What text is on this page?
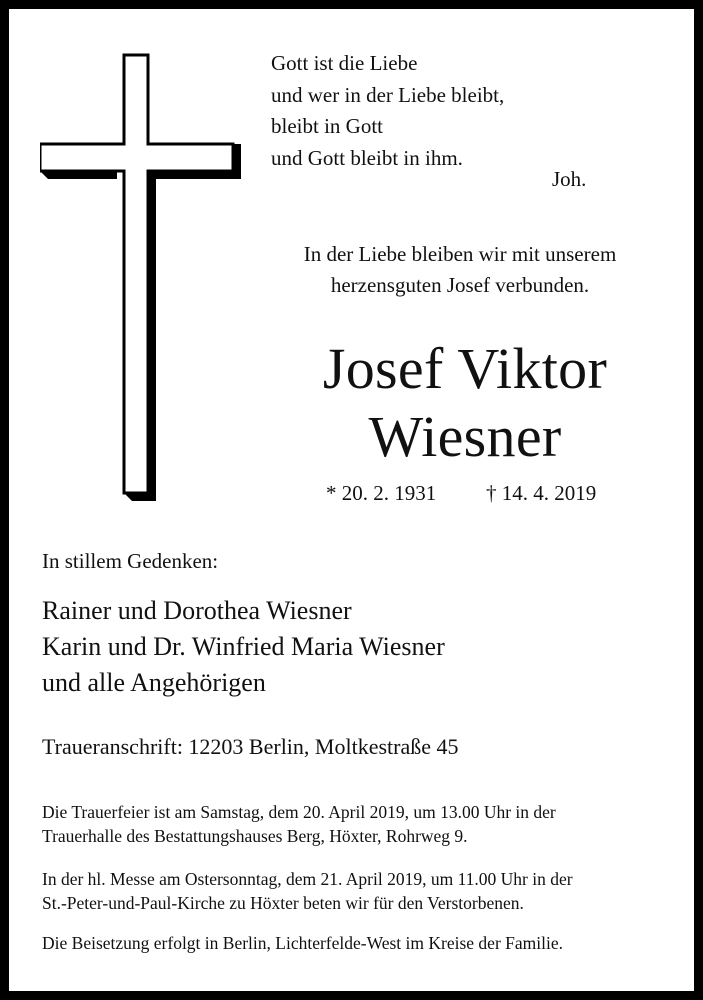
Gott ist die Liebe
und wer in der Liebe bleibt,
bleibt in Gott
und Gott bleibt in ihm.
Joh.
In der Liebe bleiben wir mit unserem
herzensguten Josef verbunden.
Josef Viktor
Wiesner
* 20. 2. 1931 † 14. 4. 2019
In stillem Gedenken:
Rainer und Dorothea Wiesner
Karin und Dr. Winfried Maria Wiesner
und alle Angehörigen
Traueranschrift: 12203 Berlin, Moltkestraße 45
Die Trauerfeier ist am Samstag, dem 20. April 2019, um 13.00 Uhr in der
Trauerhalle des Bestattungshauses Berg, Höxter, Rohrweg 9.
In der hl. Messe am Ostersonntag, dem 21. April 2019, um 11.00 Uhr in der
St.-Peter-und-Paul-Kirche zu Höxter beten wir für den Verstorbenen.
Die Beisetzung erfolgt in Berlin, Lichterfelde-West im Kreise der Familie.
